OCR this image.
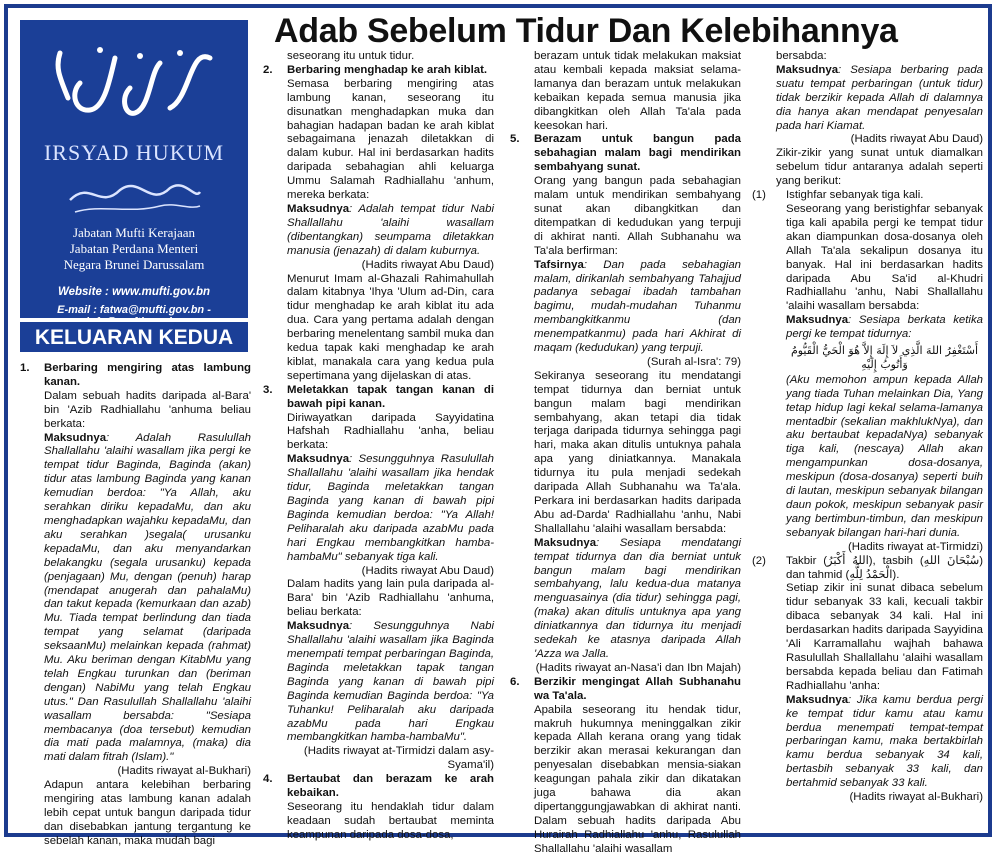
Adab Sebelum Tidur Dan Kelebihannya
IRSYAD HUKUM
Jabatan Mufti Kerajaan
Jabatan Perdana Menteri
Negara Brunei Darussalam
Website : www.mufti.gov.bn
E-mail : fatwa@mufti.gov.bn -
KELUARAN KEDUA
1.	Berbaring mengiring atas lambung kanan.

Dalam sebuah hadits daripada al-Bara' bin 'Azib Radhiallahu 'anhuma beliau berkata:

Maksudnya: Adalah Rasulullah Shallallahu 'alaihi wasallam jika pergi ke tempat tidur Baginda, Baginda (akan) tidur atas lambung Baginda yang kanan kemudian berdoa: "Ya Allah, aku serahkan diriku kepadaMu, dan aku menghadapkan wajahku kepadaMu, dan aku serahkan )segala( urusanku kepadaMu, dan aku menyandarkan belakangku (segala urusanku) kepada (penjagaan) Mu, dengan (penuh) harap (mendapat anugerah dan pahalaMu) dan takut kepada (kemurkaan dan azab) Mu. Tiada tempat berlindung dan tiada tempat yang selamat (daripada seksaanMu) melainkan kepada (rahmat) Mu. Aku beriman dengan KitabMu yang telah Engkau turunkan dan (beriman dengan) NabiMu yang telah Engkau utus." Dan Rasulullah Shallallahu 'alaihi wasallam bersabda: "Sesiapa membacanya (doa tersebut) kemudian dia mati pada malamnya, (maka) dia mati dalam fitrah (Islam)."

(Hadits riwayat al-Bukhari)

Adapun antara kelebihan berbaring mengiring atas lambung kanan adalah lebih cepat untuk bangun daripada tidur dan disebabkan jantung tergantung ke sebelah kanan, maka mudah bagi

seseorang itu untuk tidur.

2.	Berbaring menghadap ke arah kiblat.

Semasa berbaring mengiring atas lambung kanan, seseorang itu disunatkan menghadapkan muka dan bahagian hadapan badan ke arah kiblat sebagaimana jenazah diletakkan di dalam kubur. Hal ini berdasarkan hadits daripada sebahagian ahli keluarga Ummu Salamah Radhiallahu 'anhum, mereka berkata:

Maksudnya: Adalah tempat tidur Nabi Shallallahu 'alaihi wasallam (dibentangkan) seumpama diletakkan manusia (jenazah) di dalam kuburnya.

(Hadits riwayat Abu Daud)

Menurut Imam al-Ghazali Rahimahullah dalam kitabnya 'Ihya 'Ulum ad-Din, cara tidur menghadap ke arah kiblat itu ada dua. Cara yang pertama adalah dengan berbaring menelentang sambil muka dan kedua tapak kaki menghadap ke arah kiblat, manakala cara yang kedua pula sepertimana yang dijelaskan di atas.

3.	Meletakkan tapak tangan kanan di bawah pipi kanan.

Diriwayatkan daripada Sayyidatina Hafshah Radhiallahu 'anha, beliau berkata:

Maksudnya: Sesungguhnya Rasulullah Shallallahu 'alaihi wasallam jika hendak tidur, Baginda meletakkan tangan Baginda yang kanan di bawah pipi Baginda kemudian berdoa: "Ya Allah! Peliharalah aku daripada azabMu pada hari Engkau membangkitkan hamba-hambaMu" sebanyak tiga kali.

(Hadits riwayat Abu Daud)

Dalam hadits yang lain pula daripada al-Bara' bin 'Azib Radhiallahu 'anhuma, beliau berkata:

Maksudnya: Sesungguhnya Nabi Shallallahu 'alaihi wasallam jika Baginda menempati tempat perbaringan Baginda, Baginda meletakkan tapak tangan Baginda yang kanan di bawah pipi Baginda kemudian Baginda berdoa: "Ya Tuhanku! Peliharalah aku daripada azabMu pada hari Engkau membangkitkan hamba-hambaMu".

(Hadits riwayat at-Tirmidzi dalam asy-Syama'il)

4.	Bertaubat dan berazam ke arah kebaikan.

Seseorang itu hendaklah tidur dalam keadaan sudah bertaubat meminta keampunan daripada dosa-dosa,

berazam untuk tidak melakukan maksiat atau kembali kepada maksiat selama-lamanya dan berazam untuk melakukan kebaikan kepada semua manusia jika dibangkitkan oleh Allah Ta'ala pada keesokan hari.

5.	Berazam untuk bangun pada sebahagian malam bagi mendirikan sembahyang sunat.

Orang yang bangun pada sebahagian malam untuk mendirikan sembahyang sunat akan dibangkitkan dan ditempatkan di kedudukan yang terpuji di akhirat nanti. Allah Subhanahu wa Ta'ala berfirman:

Tafsirnya: Dan pada sebahagian malam, dirikanlah sembahyang Tahajjud padanya sebagai ibadah tambahan bagimu, mudah-mudahan Tuhanmu membangkitkanmu (dan menempatkanmu) pada hari Akhirat di maqam (kedudukan) yang terpuji.

(Surah al-Isra': 79)

Sekiranya seseorang itu mendatangi tempat tidurnya dan berniat untuk bangun malam bagi mendirikan sembahyang, akan tetapi dia tidak terjaga daripada tidurnya sehingga pagi hari, maka akan ditulis untuknya pahala apa yang diniatkannya. Manakala tidurnya itu pula menjadi sedekah daripada Allah Subhanahu wa Ta'ala. Perkara ini berdasarkan hadits daripada Abu ad-Darda' Radhiallahu 'anhu, Nabi Shallallahu 'alaihi wasallam bersabda:

Maksudnya: Sesiapa mendatangi tempat tidurnya dan dia berniat untuk bangun malam bagi mendirikan sembahyang, lalu kedua-dua matanya menguasainya (dia tidur) sehingga pagi, (maka) akan ditulis untuknya apa yang diniatkannya dan tidurnya itu menjadi sedekah ke atasnya daripada Allah 'Azza wa Jalla.

(Hadits riwayat an-Nasa'i dan Ibn Majah)

6.	Berzikir mengingat Allah Subhanahu wa Ta'ala.

Apabila seseorang itu hendak tidur, makruh hukumnya meninggalkan zikir kepada Allah kerana orang yang tidak berzikir akan merasai kekurangan dan penyesalan disebabkan mensia-siakan keagungan pahala zikir dan dikatakan juga bahawa dia akan dipertanggungjawabkan di akhirat nanti. Dalam sebuah hadits daripada Abu Hurairah Radhiallahu 'anhu, Rasulullah Shallallahu 'alaihi wasallam

bersabda:

Maksudnya: Sesiapa berbaring pada suatu tempat perbaringan (untuk tidur) tidak berzikir kepada Allah di dalamnya dia hanya akan mendapat penyesalan pada hari Kiamat.

(Hadits riwayat Abu Daud)

Zikir-zikir yang sunat untuk diamalkan sebelum tidur antaranya adalah seperti yang berikut:

(1)	Istighfar sebanyak tiga kali.

Seseorang yang beristighfar sebanyak tiga kali apabila pergi ke tempat tidur akan diampunkan dosa-dosanya oleh Allah Ta'ala sekalipun dosanya itu banyak. Hal ini berdasarkan hadits daripada Abu Sa'id al-Khudri Radhiallahu 'anhu, Nabi Shallallahu 'alaihi wasallam bersabda:

Maksudnya: Sesiapa berkata ketika pergi ke tempat tidurnya:

أَسْتَغْفِرُ اللهَ الَّذِي لاَ إِلَهَ إِلاَّ هُوَ الْحَيُّ الْقَيُّومُ وَأَتُوبُ إِلَيْهِ

(Aku memohon ampun kepada Allah yang tiada Tuhan melainkan Dia, Yang tetap hidup lagi kekal selama-lamanya mentadbir (sekalian makhlukNya), dan aku bertaubat kepadaNya) sebanyak tiga kali, (nescaya) Allah akan mengampunkan dosa-dosanya, meskipun (dosa-dosanya) seperti buih di lautan, meskipun sebanyak bilangan daun pokok, meskipun sebanyak pasir yang bertimbun-timbun, dan meskipun sebanyak bilangan hari-hari dunia.

(Hadits riwayat at-Tirmidzi)

(2)	Takbir (اللهُ أَكْبَرُ), tasbih (سُبْحَانَ اللهِ) dan tahmid (الْحَمْدُ لِلَّهِ).

Setiap zikir ini sunat dibaca sebelum tidur sebanyak 33 kali, kecuali takbir dibaca sebanyak 34 kali. Hal ini berdasarkan hadits daripada Sayyidina 'Ali Karramallahu wajhah bahawa Rasulullah Shallallahu 'alaihi wasallam bersabda kepada beliau dan Fatimah Radhiallahu 'anha:

Maksudnya: Jika kamu berdua pergi ke tempat tidur kamu atau kamu berdua menempati tempat-tempat perbaringan kamu, maka bertakbirlah kamu berdua sebanyak 34 kali, bertasbih sebanyak 33 kali, dan bertahmid sebanyak 33 kali.

(Hadits riwayat al-Bukhari)
